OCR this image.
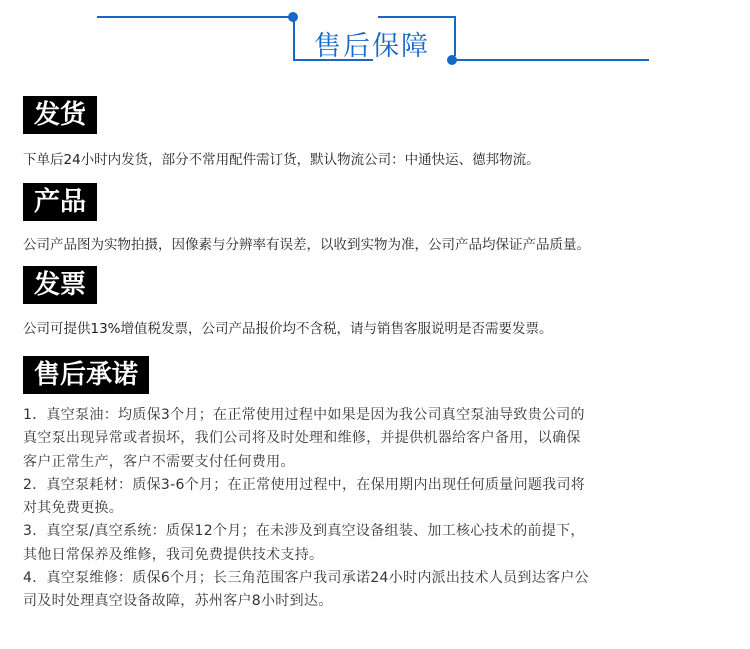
售后保障
发货
下单后24小时内发货，部分不常用配件需订货，默认物流公司：中通快运、德邦物流。
产品
公司产品图为实物拍摄，因像素与分辨率有误差，以收到实物为准，公司产品均保证产品质量。
发票
公司可提供13%增值税发票，公司产品报价均不含税，请与销售客服说明是否需要发票。
售后承诺
1．真空泵油：均质保3个月；在正常使用过程中如果是因为我公司真空泵油导致贵公司的
真空泵出现异常或者损坏，我们公司将及时处理和维修，并提供机器给客户备用，以确保
客户正常生产，客户不需要支付任何费用。
2．真空泵耗材：质保3-6个月；在正常使用过程中，在保用期内出现任何质量问题我司将
对其免费更换。
3．真空泵/真空系统：质保12个月；在未涉及到真空设备组装、加工核心技术的前提下，
其他日常保养及维修，我司免费提供技术支持。
4．真空泵维修：质保6个月；长三角范围客户我司承诺24小时内派出技术人员到达客户公
司及时处理真空设备故障，苏州客户8小时到达。
